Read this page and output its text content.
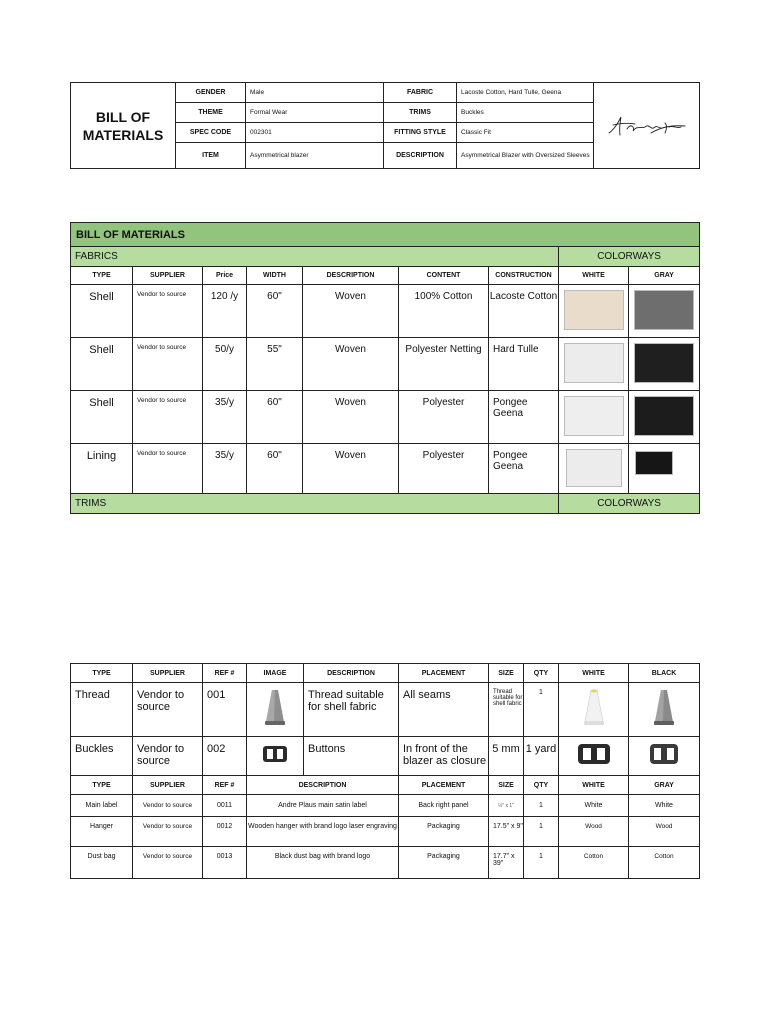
BILL OF
MATERIALS	GENDER	Male	FABRIC	Lacoste Cotton, Hard Tulle, Geena	

	THEME	Formal Wear	TRIMS	Buckles	
	SPEC CODE	002301	FITTING STYLE	Classic Fit	
	ITEM	Asymmetrical blazer	DESCRIPTION	Asymmetrical Blazer with Oversized Sleeves	
BILL OF MATERIALS								
FABRICS							COLORWAYS	
TYPE	SUPPLIER	Price	WIDTH	DESCRIPTION	CONTENT	CONSTRUCTION	WHITE	GRAY
Shell	Vendor to source	120 /y	60"	Woven	100% Cotton	Lacoste Cotton	

Shell	Vendor to source	50/y	55"	Woven	Polyester Netting	Hard Tulle	

Shell	Vendor to source	35/y	60"	Woven	Polyester	Pongee Geena	

Lining	Vendor to source	35/y	60"	Woven	Polyester	Pongee Geena	

TRIMS							COLORWAYS	
TYPE	SUPPLIER	REF #	IMAGE	DESCRIPTION	PLACEMENT	SIZE	QTY	WHITE	BLACK
Thread	Vendor to source	001		Thread suitable for shell fabric	All seams	Thread suitable for shell fabric	1		
Buckles	Vendor to source	002		Buttons	In front of the blazer as closure	5 mm	1 yard		
TYPE	SUPPLIER	REF #	DESCRIPTION		PLACEMENT	SIZE	QTY	WHITE	GRAY
Main label	Vendor to source	0011	Andre Plaus main satin label		Back right panel	½" x 1"	1	White	White
Hanger	Vendor to source	0012	Wooden hanger with brand logo laser engraving		Packaging	17.5" x 9"	1	Wood	Wood
Dust bag	Vendor to source	0013	Black dust bag with brand logo		Packaging	17.7" x 39"	1	Cotton	Cotton
